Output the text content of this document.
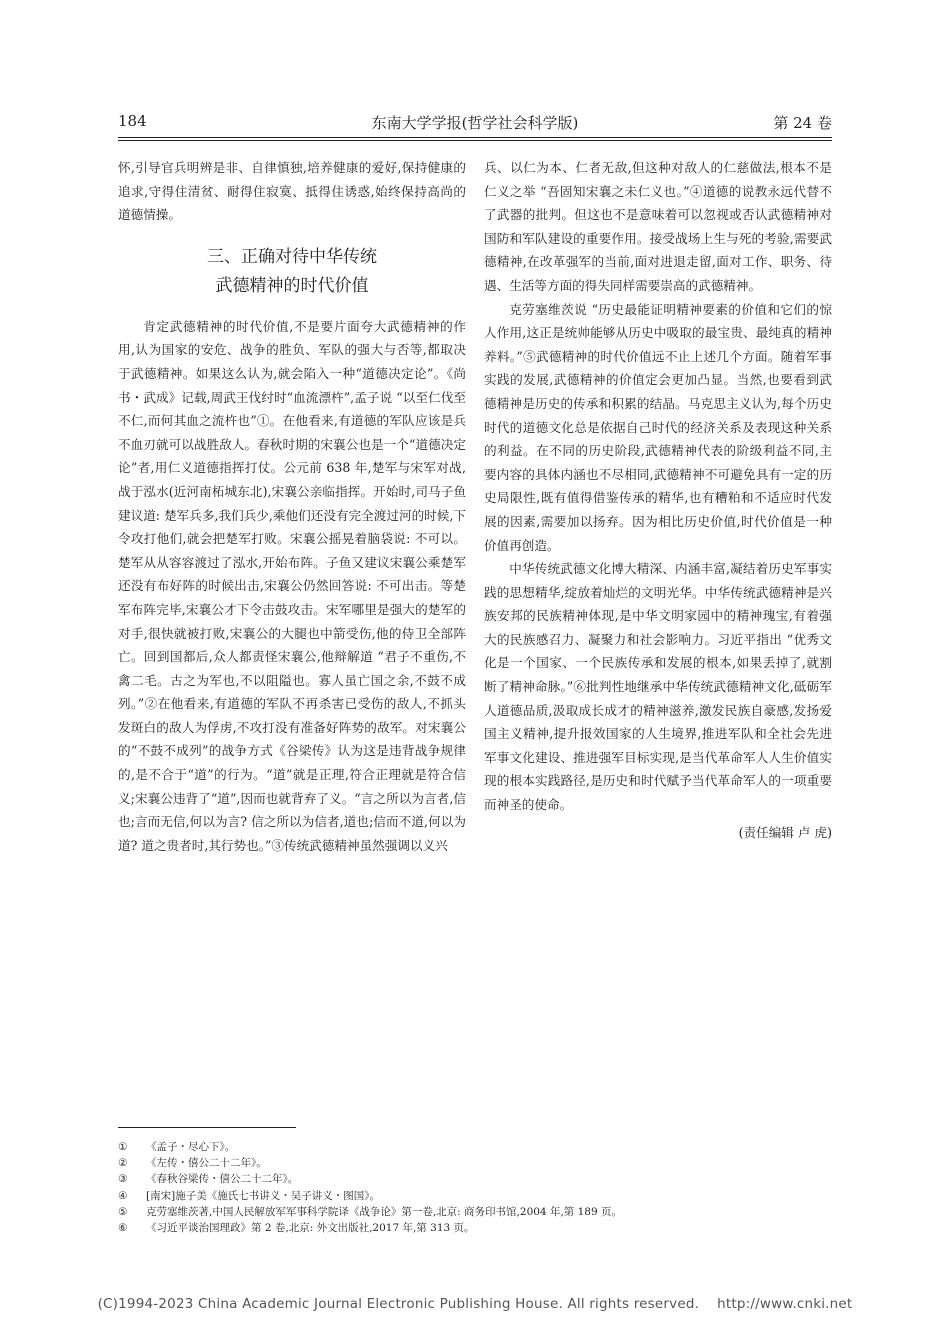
184	东南大学学报(哲学社会科学版)	第 24 卷

怀,引导官兵明辨是非、自律慎独,培养健康的爱好,保持健康的追求,守得住清贫、耐得住寂寞、抵得住诱惑,始终保持高尚的道德情操。

三、正确对待中华传统
武德精神的时代价值

肯定武德精神的时代价值,不是要片面夸大武德精神的作用,认为国家的安危、战争的胜负、军队的强大与否等,都取决于武德精神。如果这么认为,就会陷入一种“道德决定论”。《尚书・武成》记载,周武王伐纣时“血流漂杵”,孟子说 “以至仁伐至不仁,而何其血之流杵也”①。在他看来,有道德的军队应该是兵不血刃就可以战胜敌人。春秋时期的宋襄公也是一个“道德决定论”者,用仁义道德指挥打仗。公元前 638 年,楚军与宋军对战,战于泓水(近河南柘城东北),宋襄公亲临指挥。开始时,司马子鱼建议道: 楚军兵多,我们兵少,乘他们还没有完全渡过河的时候,下令攻打他们,就会把楚军打败。宋襄公摇晃着脑袋说: 不可以。楚军从从容容渡过了泓水,开始布阵。子鱼又建议宋襄公乘楚军还没有布好阵的时候出击,宋襄公仍然回答说: 不可出击。等楚军布阵完毕,宋襄公才下令击鼓攻击。宋军哪里是强大的楚军的对手,很快就被打败,宋襄公的大腿也中箭受伤,他的侍卫全部阵亡。回到国都后,众人都责怪宋襄公,他辩解道 “君子不重伤,不禽二毛。古之为军也,不以阻隘也。寡人虽亡国之余,不鼓不成列。”②在他看来,有道德的军队不再杀害已受伤的敌人,不抓头发斑白的敌人为俘虏,不攻打没有准备好阵势的敌军。对宋襄公的“不鼓不成列”的战争方式《谷梁传》认为这是违背战争规律的,是不合于“道”的行为。“道”就是正理,符合正理就是符合信义;宋襄公违背了“道”,因而也就背弃了义。“言之所以为言者,信也;言而无信,何以为言? 信之所以为信者,道也;信而不道,何以为道? 道之贵者时,其行势也。”③传统武德精神虽然强调以义兴

兵、以仁为本、仁者无敌,但这种对敌人的仁慈做法,根本不是仁义之举 “吾固知宋襄之未仁义也。”④道德的说教永远代替不了武器的批判。但这也不是意味着可以忽视或否认武德精神对国防和军队建设的重要作用。接受战场上生与死的考验,需要武德精神,在改革强军的当前,面对进退走留,面对工作、职务、待遇、生活等方面的得失同样需要崇高的武德精神。

克劳塞维茨说 “历史最能证明精神要素的价值和它们的惊人作用,这正是统帅能够从历史中吸取的最宝贵、最纯真的精神养料。”⑤武德精神的时代价值远不止上述几个方面。随着军事实践的发展,武德精神的价值定会更加凸显。当然,也要看到武德精神是历史的传承和积累的结晶。马克思主义认为,每个历史时代的道德文化总是依据自己时代的经济关系及表现这种关系的利益。在不同的历史阶段,武德精神代表的阶级利益不同,主要内容的具体内涵也不尽相同,武德精神不可避免具有一定的历史局限性,既有值得借鉴传承的精华,也有糟粕和不适应时代发展的因素,需要加以扬弃。因为相比历史价值,时代价值是一种价值再创造。

中华传统武德文化博大精深、内涵丰富,凝结着历史军事实践的思想精华,绽放着灿烂的文明光华。中华传统武德精神是兴族安邦的民族精神体现,是中华文明家园中的精神瑰宝,有着强大的民族感召力、凝聚力和社会影响力。习近平指出 “优秀文化是一个国家、一个民族传承和发展的根本,如果丢掉了,就割断了精神命脉。”⑥批判性地继承中华传统武德精神文化,砥砺军人道德品质,汲取成长成才的精神滋养,激发民族自豪感,发扬爱国主义精神,提升报效国家的人生境界,推进军队和全社会先进军事文化建设、推进强军目标实现,是当代革命军人人生价值实现的根本实践路径,是历史和时代赋予当代革命军人的一项重要而神圣的使命。

(责任编辑 卢 虎)
①	《孟子・尽心下》。
②	《左传・僖公二十二年》。
③	《春秋谷梁传・僖公二十二年》。
④	[南宋]施子美《施氏七书讲义・吴子讲义・图国》。
⑤	克劳塞维茨著,中国人民解放军军事科学院译《战争论》第一卷,北京: 商务印书馆,2004 年,第 189 页。
⑥	《习近平谈治国理政》第 2 卷,北京: 外文出版社,2017 年,第 313 页。
(C)1994-2023 China Academic Journal Electronic Publishing House. All rights reserved.    http://www.cnki.net
